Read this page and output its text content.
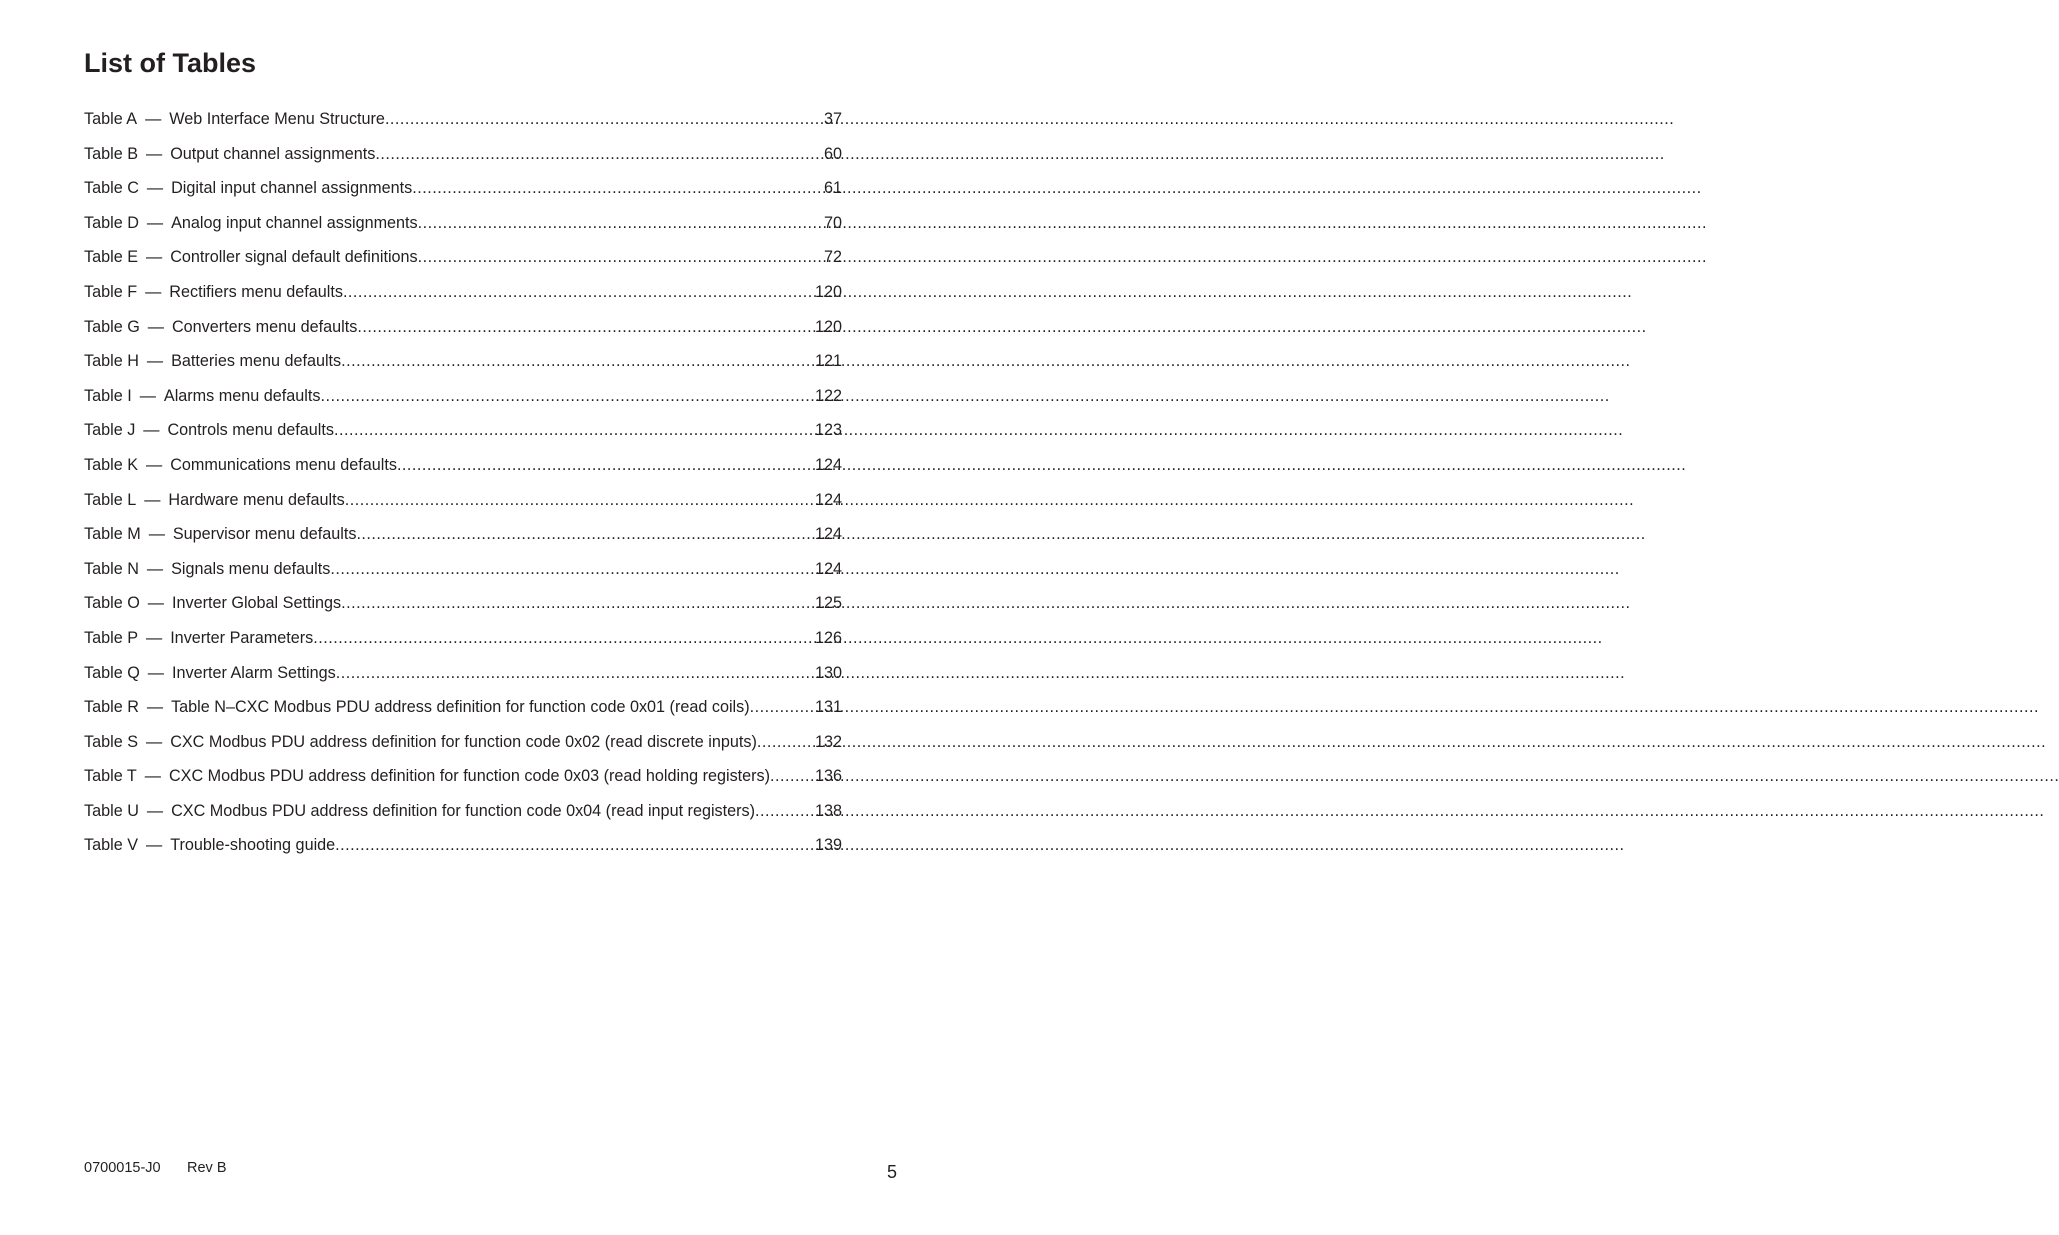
List of Tables
Table A — Web Interface Menu Structure .....	37
Table B — Output channel assignments .....	60
Table C — Digital input channel assignments .....	61
Table D — Analog input channel assignments .....	70
Table E — Controller signal default definitions .....	72
Table F — Rectifiers menu defaults .....	120
Table G — Converters menu defaults .....	120
Table H — Batteries menu defaults .....	121
Table I — Alarms menu defaults .....	122
Table J — Controls menu defaults .....	123
Table K — Communications menu defaults .....	124
Table L — Hardware menu defaults .....	124
Table M — Supervisor menu defaults .....	124
Table N — Signals menu defaults .....	124
Table O — Inverter Global Settings .....	125
Table P — Inverter Parameters .....	126
Table Q — Inverter Alarm Settings .....	130
Table R — Table N–CXC Modbus PDU address definition for function code 0x01 (read coils) .....	131
Table S — CXC Modbus PDU address definition for function code 0x02 (read discrete inputs) .....	132
Table T — CXC Modbus PDU address definition for function code 0x03 (read holding registers) .....	136
Table U — CXC Modbus PDU address definition for function code 0x04 (read input registers) .....	138
Table V — Trouble-shooting guide .....	139
0700015-J0 Rev B	5
